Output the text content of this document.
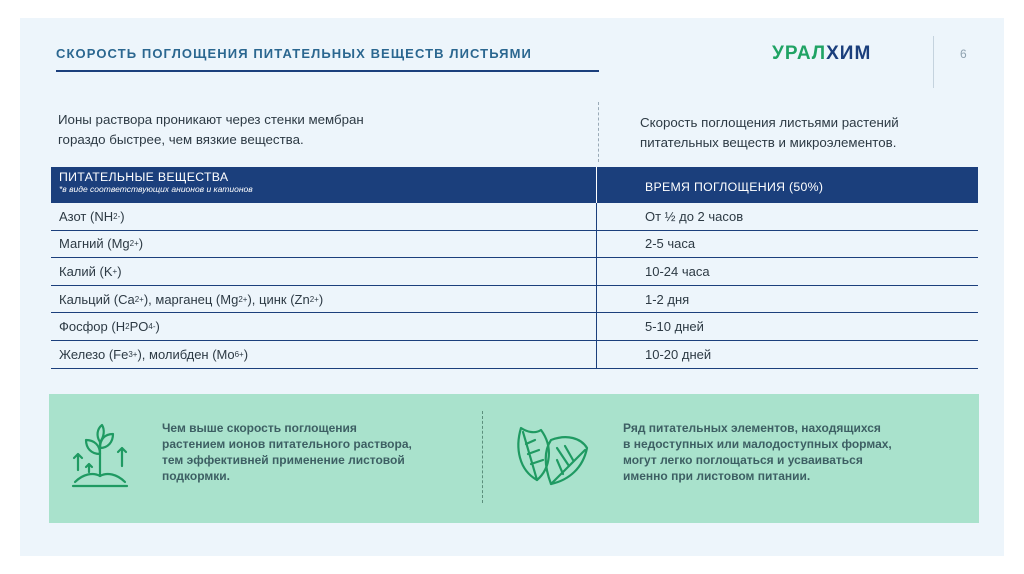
СКОРОСТЬ ПОГЛОЩЕНИЯ ПИТАТЕЛЬНЫХ ВЕЩЕСТВ ЛИСТЬЯМИ	УРАЛХИМ	6
Ионы раствора проникают через стенки мембран
гораздо быстрее, чем вязкие вещества.
Скорость поглощения листьями растений
питательных веществ и микроэлементов.
ПИТАТЕЛЬНЫЕ ВЕЩЕСТВА
*в виде соответствующих анионов и катионов	ВРЕМЯ ПОГЛОЩЕНИЯ (50%)
Азот (NH 2 - )	От ½ до 2 часов
Магний (Mg 2+ )	2-5 часа
Калий (K + )	10-24 часа
Кальций (Ca 2+ ), марганец (Mg 2+ ), цинк (Zn 2+ )	1-2 дня
Фосфор (H 2 PO 4 - )	5-10 дней
Железо (Fe 3+ ), молибден (Mo 6+ )	10-20 дней
Чем выше скорость поглощения
растением ионов питательного раствора,
тем эффективней применение листовой
подкормки.
Ряд питательных элементов, находящихся
в недоступных или малодоступных формах,
могут легко поглощаться и усваиваться
именно при листовом питании.
